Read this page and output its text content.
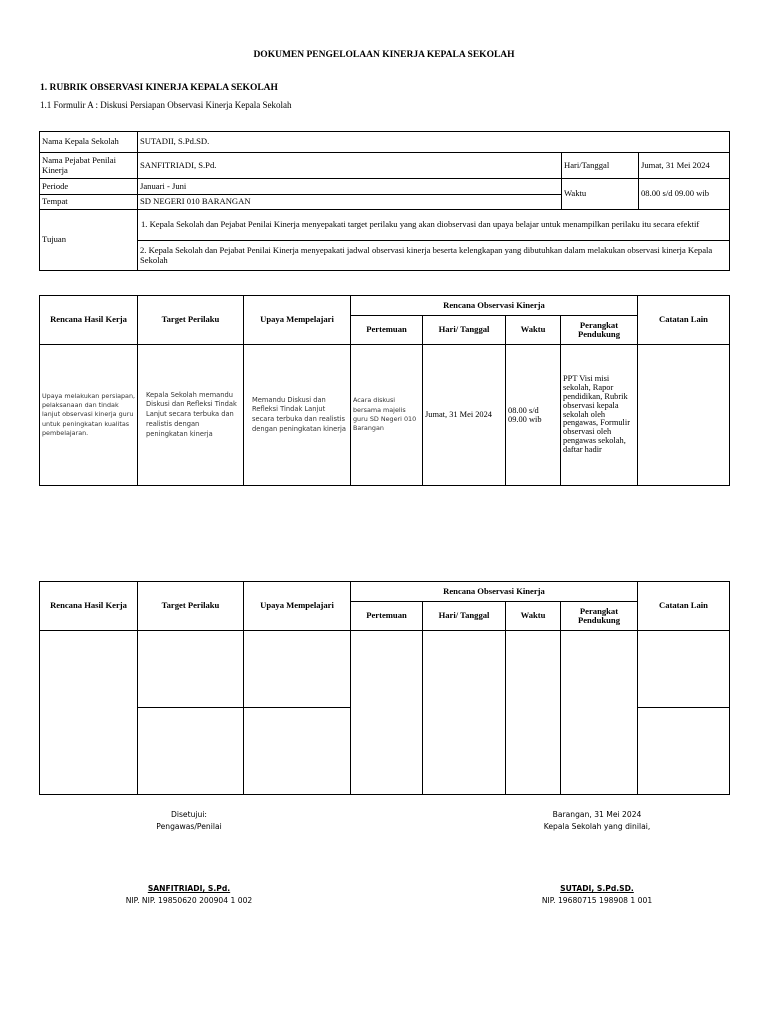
DOKUMEN PENGELOLAAN KINERJA KEPALA SEKOLAH
1. RUBRIK OBSERVASI KINERJA KEPALA SEKOLAH
1.1 Formulir A : Diskusi Persiapan Observasi Kinerja Kepala Sekolah
Nama Kepala Sekolah	SUTADII, S.Pd.SD.		
Nama Pejabat Penilai Kinerja	SANFITRIADI, S.Pd.	Hari/Tanggal	Jumat, 31 Mei 2024
Periode	Januari - Juni	Waktu	08.00 s/d 09.00 wib
Tempat	SD NEGERI 010 BARANGAN		
Tujuan	1. Kepala Sekolah dan Pejabat Penilai Kinerja menyepakati target perilaku yang akan diobservasi dan upaya belajar untuk menampilkan perilaku itu secara efektif		

	2. Kepala Sekolah dan Pejabat Penilai Kinerja menyepakati jadwal observasi kinerja beserta kelengkapan yang dibutuhkan dalam melakukan observasi kinerja Kepala Sekolah		
Rencana Hasil Kerja	Target Perilaku	Upaya Mempelajari	Rencana Observasi Kinerja				Catatan Lain
			Pertemuan	Hari/ Tanggal	Waktu	Perangkat Pendukung	
Upaya melakukan persiapan, pelaksanaan dan tindak lanjut observasi kinerja guru untuk peningkatan kualitas pembelajaran.	Kepala Sekolah memandu Diskusi dan Refleksi Tindak Lanjut secara terbuka dan realistis dengan peningkatan kinerja	Memandu Diskusi dan Refleksi Tindak Lanjut secara terbuka dan realistis dengan peningkatan kinerja	Acara diskusi bersama majelis guru SD Negeri 010 Barangan	Jumat, 31 Mei 2024	08.00 s/d 09.00 wib	PPT Visi misi sekolah, Rapor pendidikan, Rubrik observasi kepala sekolah oleh pengawas, Formulir observasi oleh pengawas sekolah, daftar hadir	
Rencana Hasil Kerja	Target Perilaku	Upaya Mempelajari	Rencana Observasi Kinerja				Catatan Lain
			Pertemuan	Hari/ Tanggal	Waktu	Perangkat Pendukung	

Disetujui:
Pengawas/Penilai
SANFITRIADI, S.Pd.
NIP. NIP. 19850620 200904 1 002
Barangan, 31 Mei 2024
Kepala Sekolah yang dinilai,
SUTADI, S.Pd.SD.
NIP. 19680715 198908 1 001
